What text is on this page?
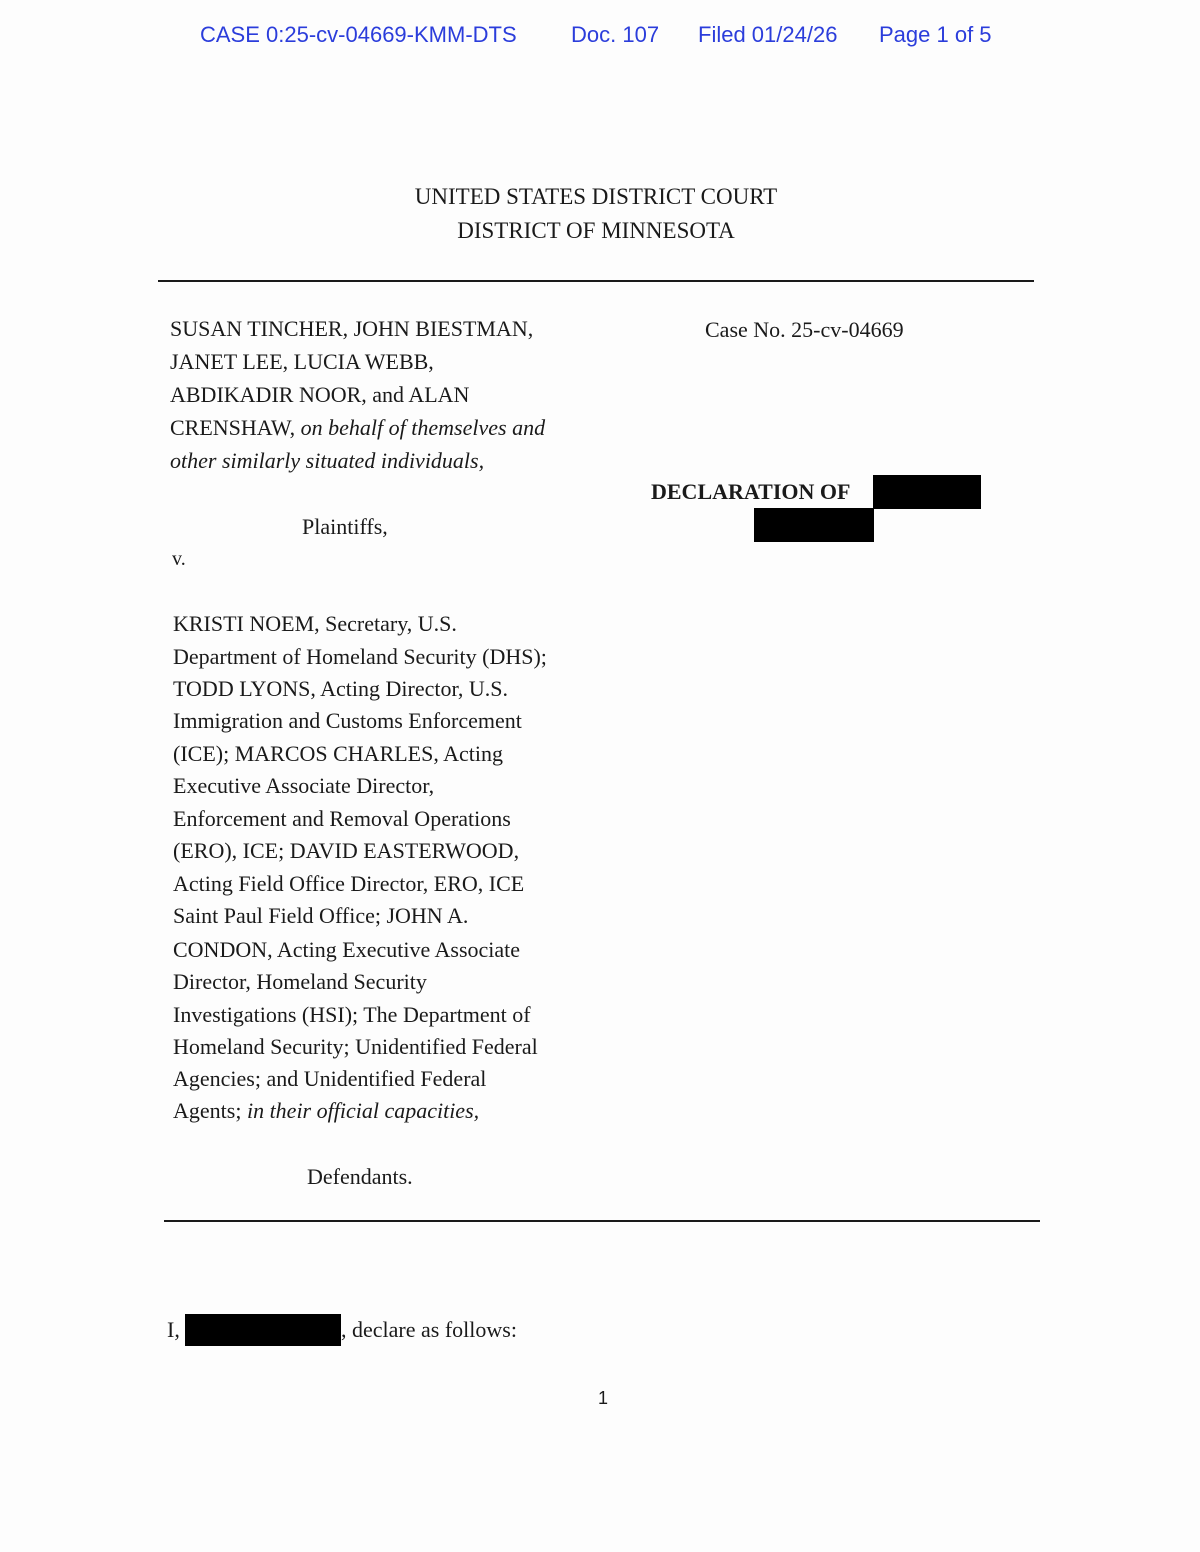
CASE 0:25-cv-04669-KMM-DTS Doc. 107 Filed 01/24/26 Page 1 of 5
UNITED STATES DISTRICT COURT
DISTRICT OF MINNESOTA
SUSAN TINCHER, JOHN BIESTMAN,
JANET LEE, LUCIA WEBB,
ABDIKADIR NOOR, and ALAN
CRENSHAW, on behalf of themselves and
other similarly situated individuals,
Plaintiffs,
v.
Case No. 25-cv-04669
DECLARATION OF
KRISTI NOEM, Secretary, U.S.
Department of Homeland Security (DHS);
TODD LYONS, Acting Director, U.S.
Immigration and Customs Enforcement
(ICE); MARCOS CHARLES, Acting
Executive Associate Director,
Enforcement and Removal Operations
(ERO), ICE; DAVID EASTERWOOD,
Acting Field Office Director, ERO, ICE
Saint Paul Field Office; JOHN A.
CONDON, Acting Executive Associate
Director, Homeland Security
Investigations (HSI); The Department of
Homeland Security; Unidentified Federal
Agencies; and Unidentified Federal
Agents; in their official capacities,
Defendants.
I,	, declare as follows:
1
